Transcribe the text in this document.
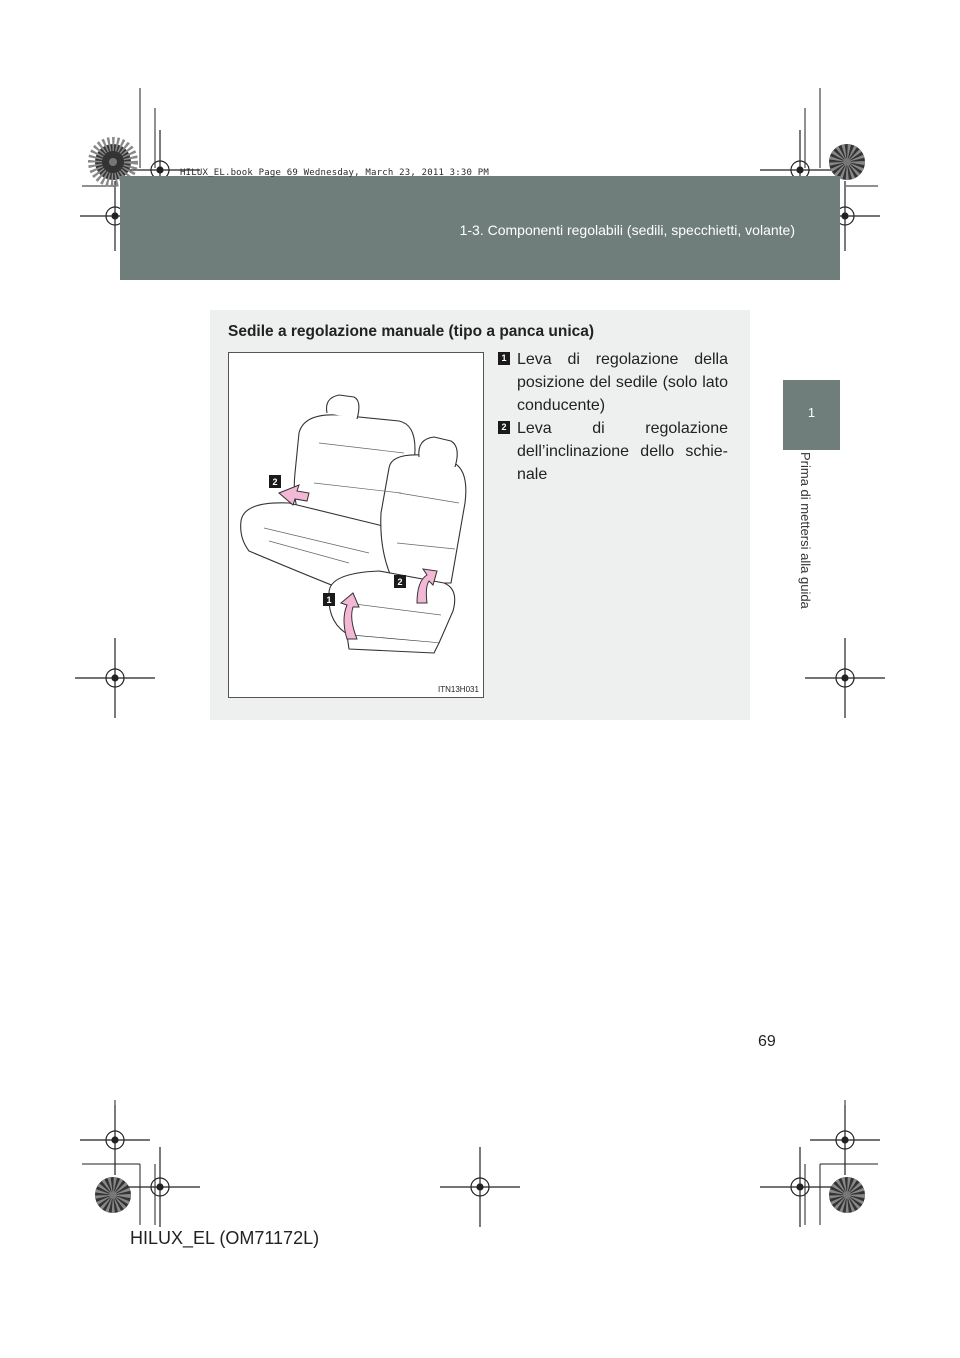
HILUX_EL.book Page 69 Wednesday, March 23, 2011 3:30 PM
1-3. Componenti regolabili (sedili, specchietti, volante)
1
Prima di mettersi alla guida
Sedile a regolazione manuale (tipo a panca unica)
2
2
1
ITN13H031
1 Leva di regolazione della posizione del sedile (solo lato conducente)
2 Leva di regolazione dell’inclinazione dello schie-nale
69
HILUX_EL (OM71172L)
